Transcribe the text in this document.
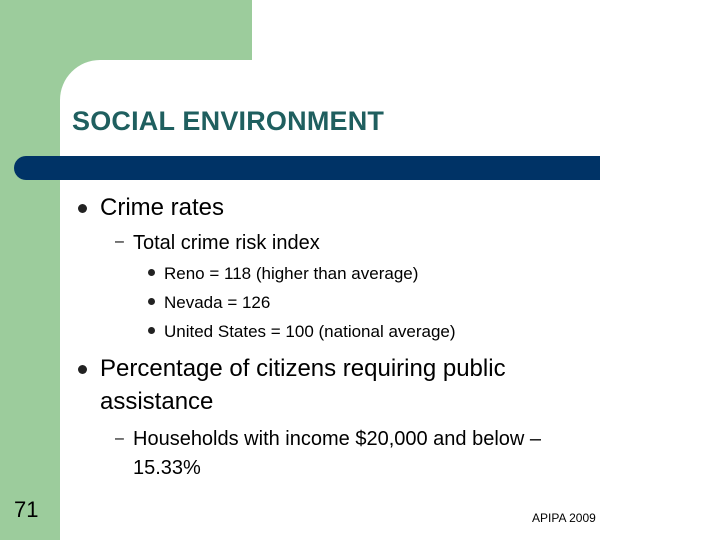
SOCIAL ENVIRONMENT
Crime rates
– Total crime risk index
Reno = 118 (higher than average)
Nevada = 126
United States = 100 (national average)
Percentage of citizens requiring public
assistance
– Households with income $20,000 and below –
15.33%
71	APIPA 2009
